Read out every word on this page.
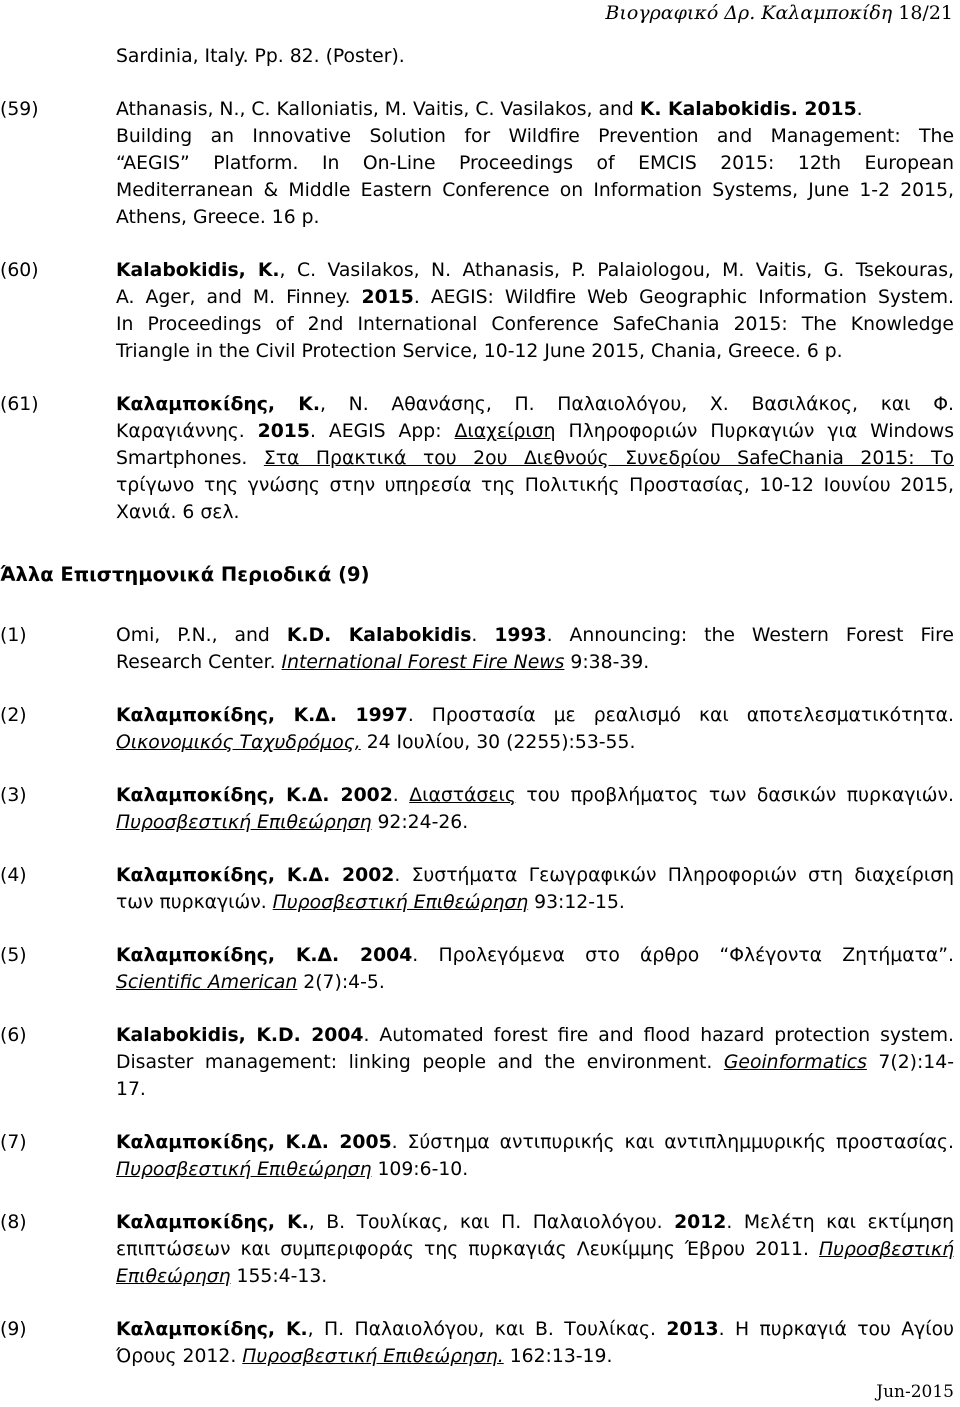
Βιογραφικό Δρ. Καλαμποκίδη 18/21
Sardinia, Italy. Pp. 82. (Poster).
(59)	Athanasis, N., C. Kalloniatis, M. Vaitis, C. Vasilakos, and K. Kalabokidis. 2015.
Building an Innovative Solution for Wildfire Prevention and Management: The
“AEGIS” Platform. In On-Line Proceedings of EMCIS 2015: 12th European
Mediterranean & Middle Eastern Conference on Information Systems, June 1-2 2015,
Athens, Greece. 16 p.
(60)	Kalabokidis, K., C. Vasilakos, N. Athanasis, P. Palaiologou, M. Vaitis, G. Tsekouras,
A. Ager, and M. Finney. 2015. AEGIS: Wildfire Web Geographic Information System.
In Proceedings of 2nd International Conference SafeChania 2015: The Knowledge
Triangle in the Civil Protection Service, 10-12 June 2015, Chania, Greece. 6 p.
(61)	Καλαμποκίδης, Κ., Ν. Αθανάσης, Π. Παλαιολόγου, Χ. Βασιλάκος, και Φ.
Καραγιάννης. 2015. AEGIS App: Διαχείριση Πληροφοριών Πυρκαγιών για Windows
Smartphones. Στα Πρακτικά του 2ου Διεθνούς Συνεδρίου SafeChania 2015: Το
τρίγωνο της γνώσης στην υπηρεσία της Πολιτικής Προστασίας, 10-12 Ιουνίου 2015,
Χανιά. 6 σελ.
Άλλα Επιστημονικά Περιοδικά (9)
(1)	Omi, P.N., and K.D. Kalabokidis. 1993. Announcing: the Western Forest Fire
Research Center. International Forest Fire News 9:38-39.
(2)	Καλαμποκίδης, Κ.Δ. 1997. Προστασία με ρεαλισμό και αποτελεσματικότητα.
Οικονομικός Ταχυδρόμος, 24 Ιουλίου, 30 (2255):53-55.
(3)	Καλαμποκίδης, Κ.Δ. 2002. Διαστάσεις του προβλήματος των δασικών πυρκαγιών.
Πυροσβεστική Επιθεώρηση 92:24-26.
(4)	Καλαμποκίδης, Κ.Δ. 2002. Συστήματα Γεωγραφικών Πληροφοριών στη διαχείριση
των πυρκαγιών. Πυροσβεστική Επιθεώρηση 93:12-15.
(5)	Καλαμποκίδης, Κ.Δ. 2004. Προλεγόμενα στο άρθρο “Φλέγοντα Ζητήματα”.
Scientific American 2(7):4-5.
(6)	Kalabokidis, K.D. 2004. Automated forest fire and flood hazard protection system.
Disaster management: linking people and the environment. Geoinformatics 7(2):14-
17.
(7)	Καλαμποκίδης, Κ.Δ. 2005. Σύστημα αντιπυρικής και αντιπλημμυρικής προστασίας.
Πυροσβεστική Επιθεώρηση 109:6-10.
(8)	Καλαμποκίδης, Κ., Β. Τουλίκας, και Π. Παλαιολόγου. 2012. Μελέτη και εκτίμηση
επιπτώσεων και συμπεριφοράς της πυρκαγιάς Λευκίμμης Έβρου 2011. Πυροσβεστική
Επιθεώρηση 155:4-13.
(9)	Καλαμποκίδης, Κ., Π. Παλαιολόγου, και Β. Τουλίκας. 2013. Η πυρκαγιά του Αγίου
Όρους 2012. Πυροσβεστική Επιθεώρηση. 162:13-19.
Jun-2015
